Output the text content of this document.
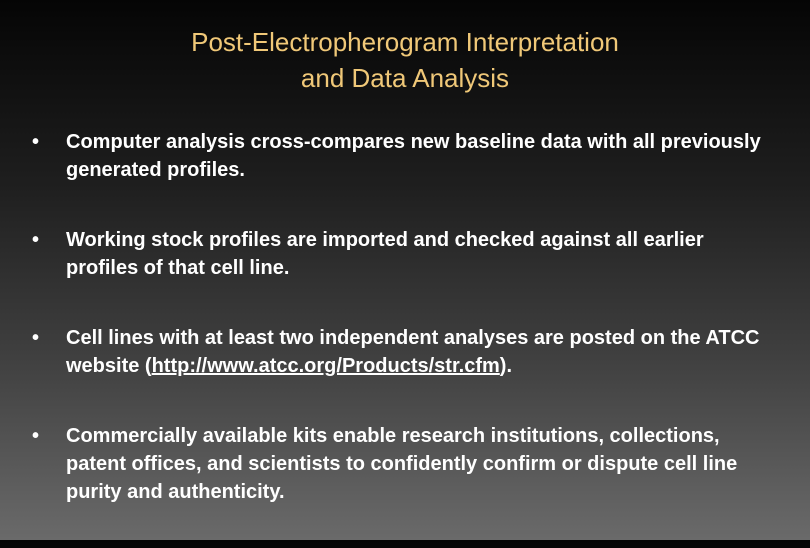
Post-Electropherogram Interpretation
and Data Analysis
•	Computer analysis cross-compares new baseline data with all previously generated profiles.
•	Working stock profiles are imported and checked against all earlier profiles of that cell line.
•	Cell lines with at least two independent analyses are posted on the ATCC website (http://www.atcc.org/Products/str.cfm).
•	Commercially available kits enable research institutions, collections, patent offices, and scientists to confidently confirm or dispute cell line purity and authenticity.
